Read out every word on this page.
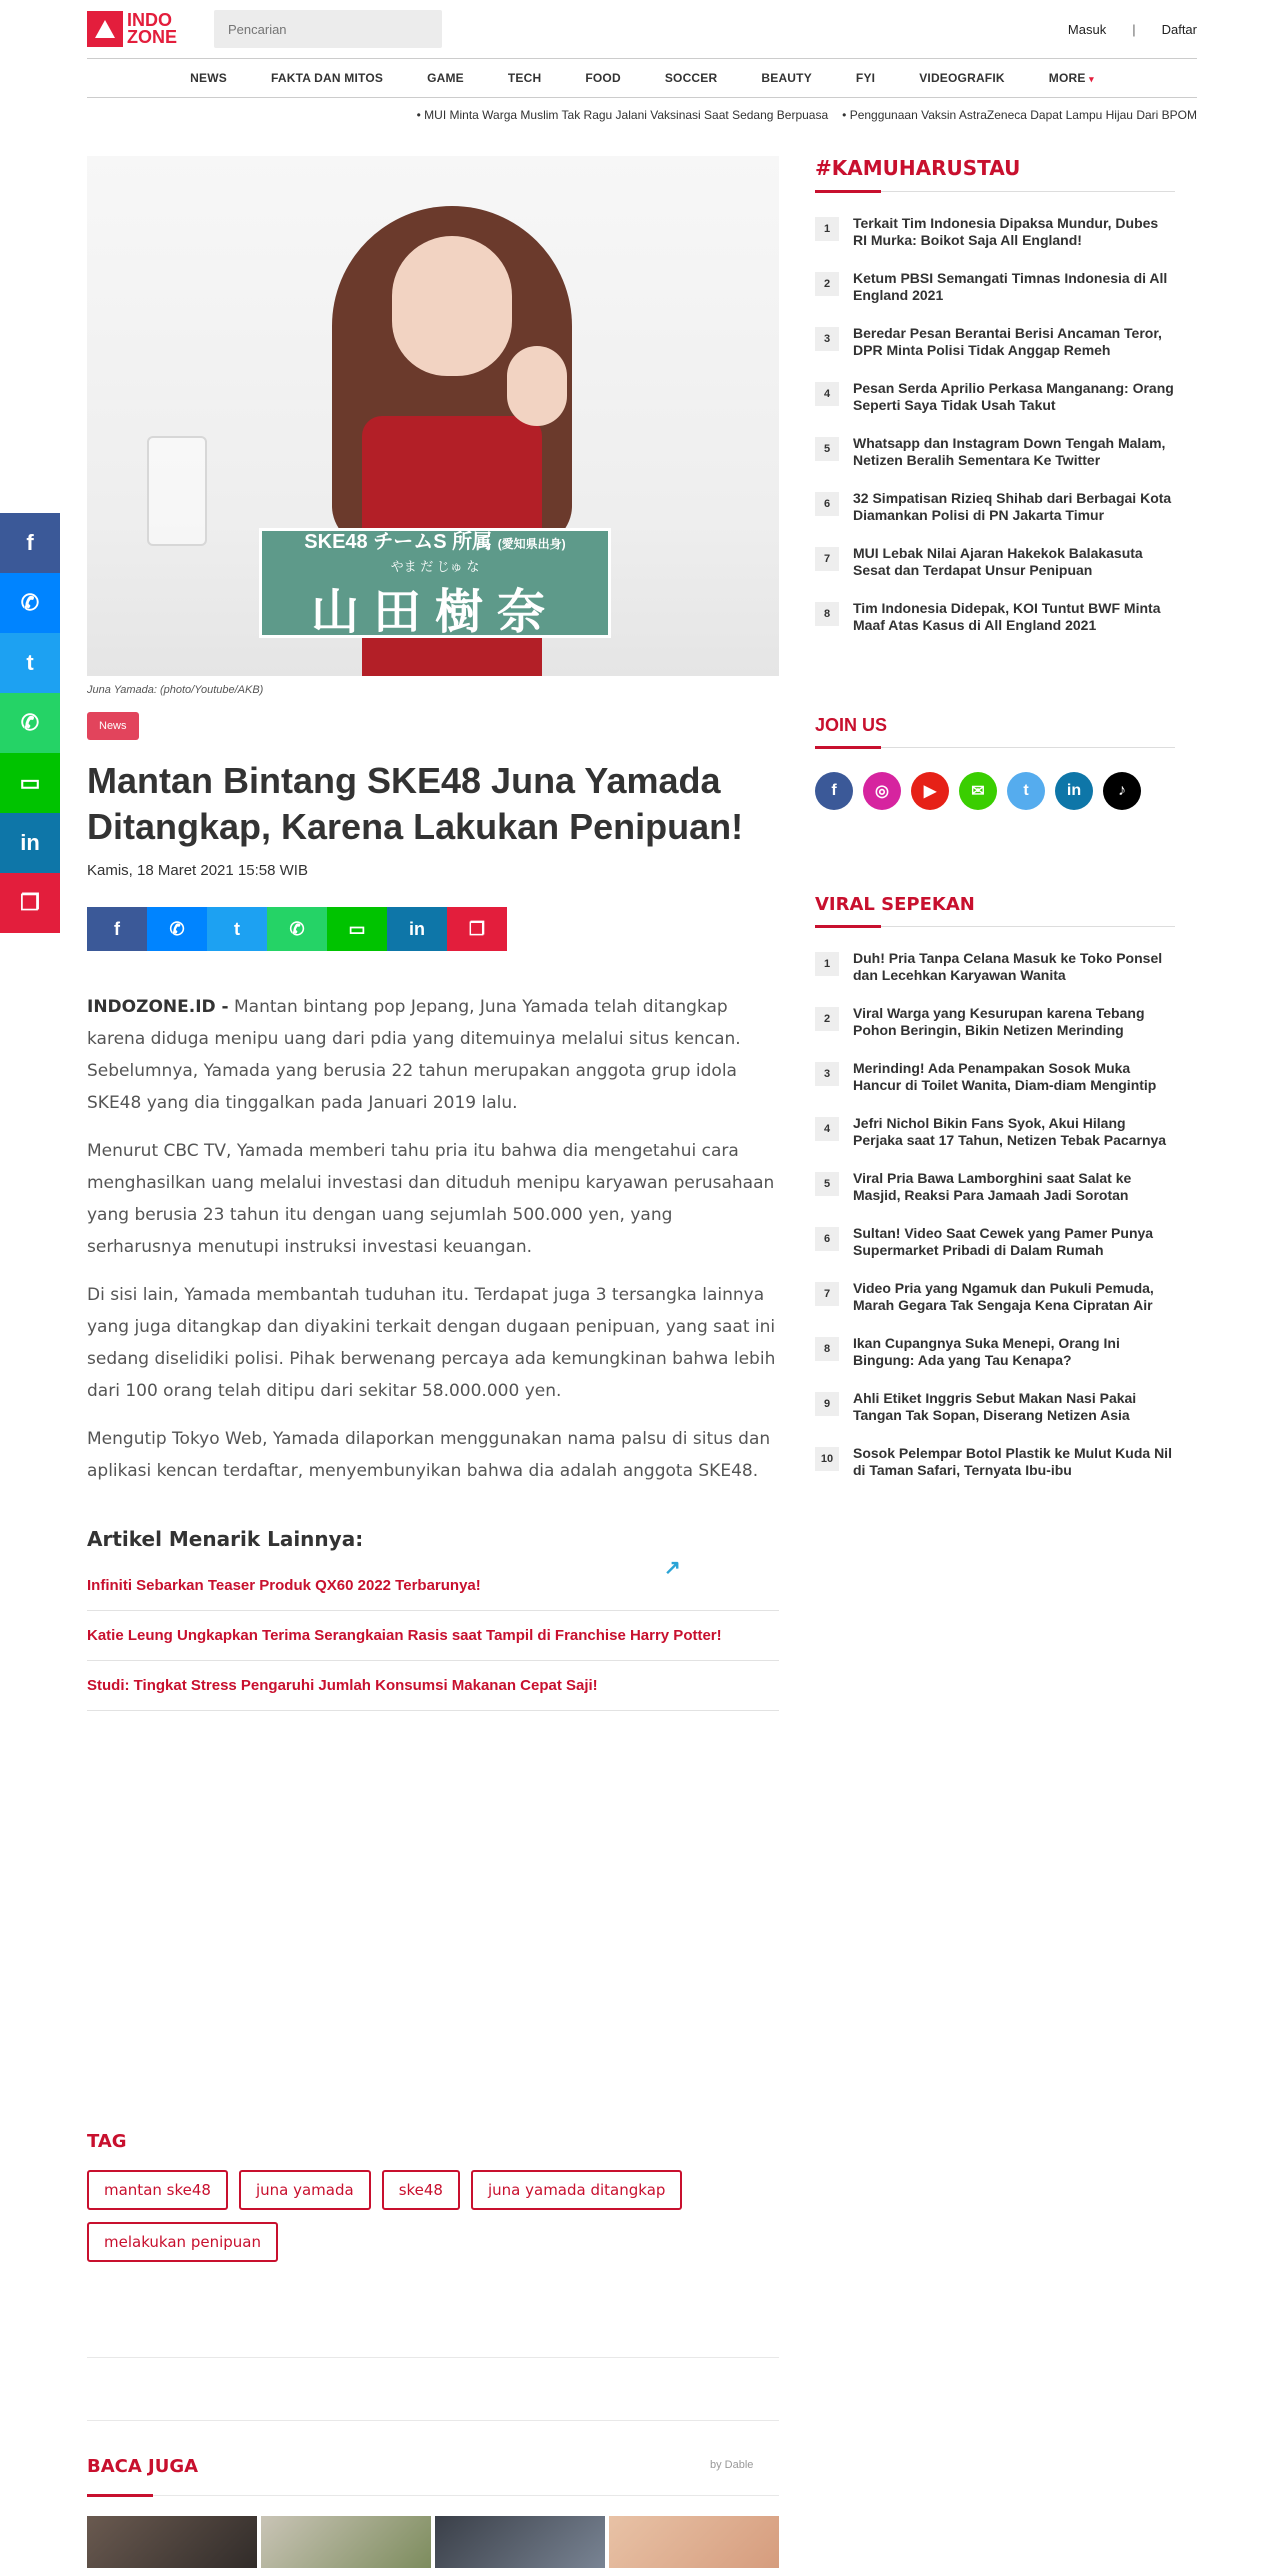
INDO
ZONE
Pencarian	Masuk | Daftar
NEWS	FAKTA DAN MITOS	GAME	TECH	FOOD	SOCCER	BEAUTY	FYI	VIDEOGRAFIK	MORE ▾
• MUI Minta Warga Muslim Tak Ragu Jalani Vaksinasi Saat Sedang Berpuasa
•	Penggunaan Vaksin AstraZeneca Dapat Lampu Hijau Dari BPOM
f
✆
t
✆
▭
in
❐
SKE48 チームS 所属 (愛知県出身)
やま だ じゅ な
山田樹奈
Juna Yamada: (photo/Youtube/AKB)
News
Mantan Bintang SKE48 Juna Yamada Ditangkap, Karena Lakukan Penipuan!
Kamis, 18 Maret 2021 15:58 WIB
f	✆	t	✆ ▭ in ❐

INDOZONE.ID - Mantan bintang pop Jepang, Juna Yamada telah ditangkap karena diduga menipu uang dari pdia yang ditemuinya melalui situs kencan. Sebelumnya, Yamada yang berusia 22 tahun merupakan anggota grup idola SKE48 yang dia tinggalkan pada Januari 2019 lalu.

Menurut CBC TV, Yamada memberi tahu pria itu bahwa dia mengetahui cara menghasilkan uang melalui investasi dan dituduh menipu karyawan perusahaan yang berusia 23 tahun itu dengan uang sejumlah 500.000 yen, yang serharusnya menutupi instruksi investasi keuangan.

Di sisi lain, Yamada membantah tuduhan itu. Terdapat juga 3 tersangka lainnya yang juga ditangkap dan diyakini terkait dengan dugaan penipuan, yang saat ini sedang diselidiki polisi. Pihak berwenang percaya ada kemungkinan bahwa lebih dari 100 orang telah ditipu dari sekitar 58.000.000 yen.

Mengutip Tokyo Web, Yamada dilaporkan menggunakan nama palsu di situs dan aplikasi kencan terdaftar, menyembunyikan bahwa dia adalah anggota SKE48.

Artikel Menarik Lainnya:
Infiniti Sebarkan Teaser Produk QX60 2022 Terbarunya!
Katie Leung Ungkapkan Terima Serangkaian Rasis saat Tampil di Franchise Harry Potter!
Studi: Tingkat Stress Pengaruhi Jumlah Konsumsi Makanan Cepat Saji!
↗
TAG
mantan ske48	juna yamada	ske48	juna yamada ditangkap
melakukan penipuan
BACA JUGA	by Dable
#KAMUHARUSTAU
1	Terkait Tim Indonesia Dipaksa Mundur, Dubes RI Murka: Boikot Saja All England!
2	Ketum PBSI Semangati Timnas Indonesia di All England 2021
3	Beredar Pesan Berantai Berisi Ancaman Teror, DPR Minta Polisi Tidak Anggap Remeh
4	Pesan Serda Aprilio Perkasa Manganang: Orang Seperti Saya Tidak Usah Takut
5	Whatsapp dan Instagram Down Tengah Malam, Netizen Beralih Sementara Ke Twitter
6	32 Simpatisan Rizieq Shihab dari Berbagai Kota Diamankan Polisi di PN Jakarta Timur
7	MUI Lebak Nilai Ajaran Hakekok Balakasuta Sesat dan Terdapat Unsur Penipuan
8	Tim Indonesia Didepak, KOI Tuntut BWF Minta Maaf Atas Kasus di All England 2021
JOIN US
f	◎	▶	✉	t	in	♪
VIRAL SEPEKAN
1	Duh! Pria Tanpa Celana Masuk ke Toko Ponsel dan Lecehkan Karyawan Wanita
2	Viral Warga yang Kesurupan karena Tebang Pohon Beringin, Bikin Netizen Merinding
3	Merinding! Ada Penampakan Sosok Muka Hancur di Toilet Wanita, Diam-diam Mengintip
4	Jefri Nichol Bikin Fans Syok, Akui Hilang Perjaka saat 17 Tahun, Netizen Tebak Pacarnya
5	Viral Pria Bawa Lamborghini saat Salat ke Masjid, Reaksi Para Jamaah Jadi Sorotan
6	Sultan! Video Saat Cewek yang Pamer Punya Supermarket Pribadi di Dalam Rumah
7	Video Pria yang Ngamuk dan Pukuli Pemuda, Marah Gegara Tak Sengaja Kena Cipratan Air
8	Ikan Cupangnya Suka Menepi, Orang Ini Bingung: Ada yang Tau Kenapa?
9	Ahli Etiket Inggris Sebut Makan Nasi Pakai Tangan Tak Sopan, Diserang Netizen Asia
10	Sosok Pelempar Botol Plastik ke Mulut Kuda Nil di Taman Safari, Ternyata Ibu-ibu
